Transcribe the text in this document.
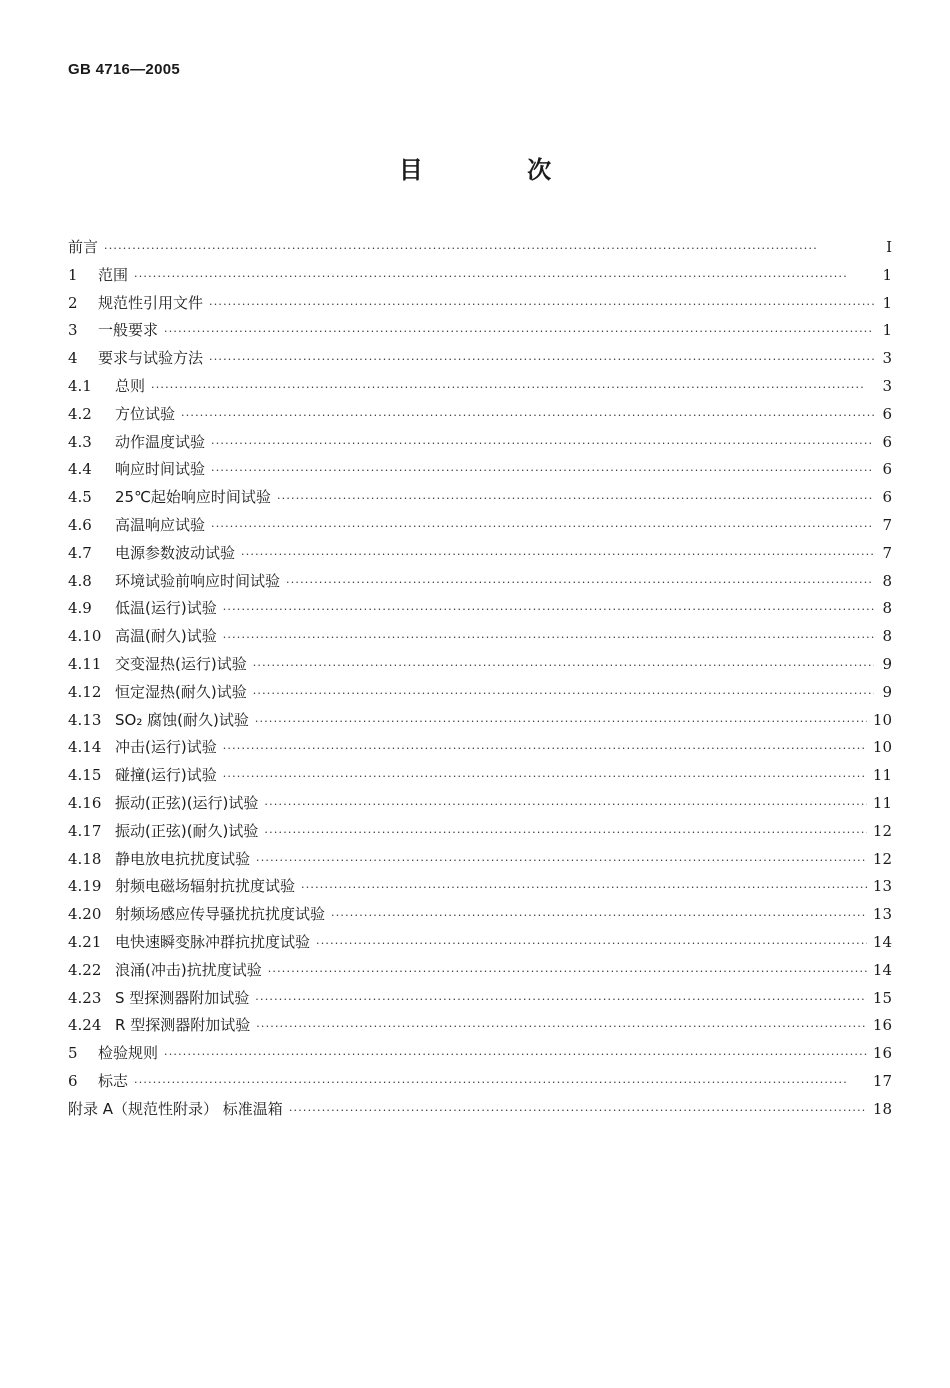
GB 4716—2005
目 次
前言 ·····	I
1	范围 ·····	1
2	规范性引用文件 ·····	1
3	一般要求 ·····	1
4	要求与试验方法 ·····	3
4.1	总则 ·····	3
4.2	方位试验 ·····	6
4.3	动作温度试验 ·····	6
4.4	响应时间试验 ·····	6
4.5	25℃起始响应时间试验 ·····	6
4.6	高温响应试验 ·····	7
4.7	电源参数波动试验 ·····	7
4.8	环境试验前响应时间试验 ·····	8
4.9	低温(运行)试验 ·····	8
4.10 高温(耐久)试验 ·····	8
4.11 交变湿热(运行)试验 ·····	9
4.12 恒定湿热(耐久)试验 ·····	9
4.13 SO₂ 腐蚀(耐久)试验 ·····	10
4.14 冲击(运行)试验 ·····	10
4.15 碰撞(运行)试验 ·····	11
4.16 振动(正弦)(运行)试验 ·····	11
4.17 振动(正弦)(耐久)试验 ·····	12
4.18 静电放电抗扰度试验 ·····	12
4.19 射频电磁场辐射抗扰度试验 ·····	13
4.20 射频场感应传导骚扰抗扰度试验 ·····	13
4.21 电快速瞬变脉冲群抗扰度试验 ·····	14
4.22 浪涌(冲击)抗扰度试验 ·····	14
4.23 S 型探测器附加试验 ·····	15
4.24 R 型探测器附加试验 ·····	16
5	检验规则 ·····	16
6	标志 ·····	17
附录 A（规范性附录） 标准温箱 ·····	18
